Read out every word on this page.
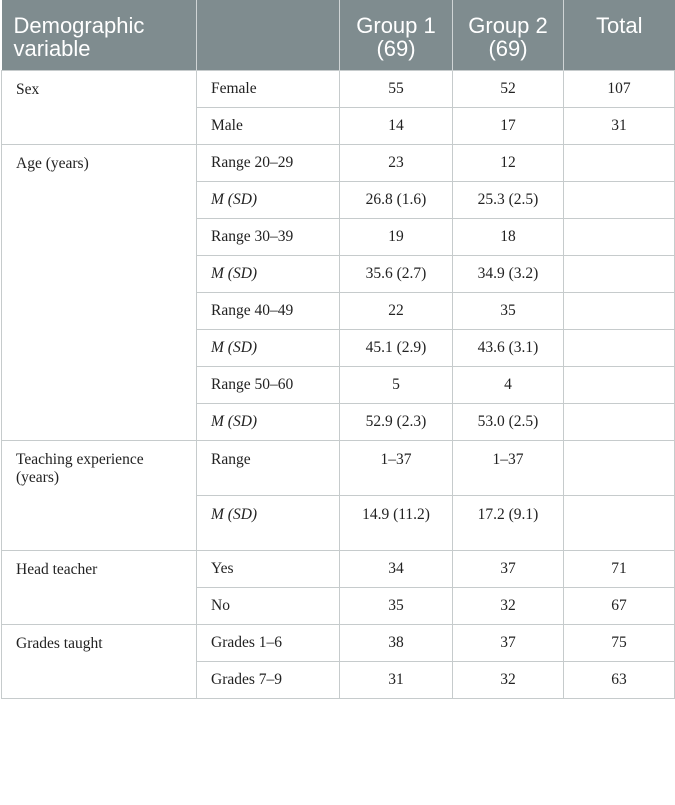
Demographic variable		Group 1 (69)	Group 2 (69)	Total
Sex	Female	55	52	107
	Male	14	17	31
Age (years)	Range 20–29	23	12	
	M (SD)	26.8 (1.6)	25.3 (2.5)	
	Range 30–39	19	18	
	M (SD)	35.6 (2.7)	34.9 (3.2)	
	Range 40–49	22	35	
	M (SD)	45.1 (2.9)	43.6 (3.1)	
	Range 50–60	5	4	
	M (SD)	52.9 (2.3)	53.0 (2.5)	
Teaching experience (years)	Range	1–37	1–37	
	M (SD)	14.9 (11.2)	17.2 (9.1)	
Head teacher	Yes	34	37	71
	No	35	32	67
Grades taught	Grades 1–6	38	37	75
	Grades 7–9	31	32	63
